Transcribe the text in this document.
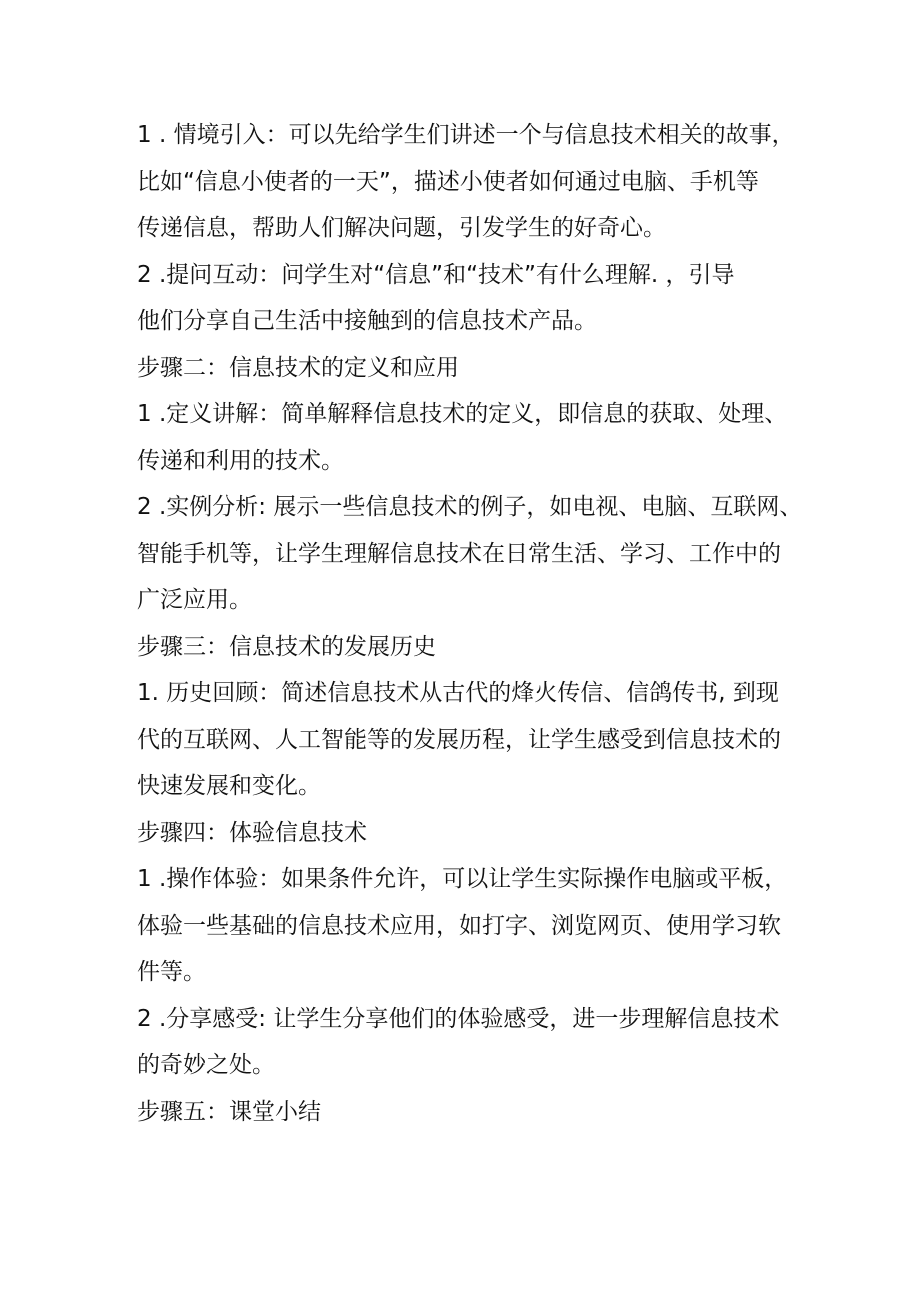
1 . 情境引入：可以先给学生们讲述一个与信息技术相关的故事，
比如“信息小使者的一天”，描述小使者如何通过电脑、手机等
传递信息，帮助人们解决问题，引发学生的好奇心。
2 .提问互动：问学生对“信息”和“技术”有什么理解. ，引导
他们分享自己生活中接触到的信息技术产品。
步骤二：信息技术的定义和应用
1 .定义讲解：简单解释信息技术的定义，即信息的获取、处理、
传递和利用的技术。
2 .实例分析: 展示一些信息技术的例子，如电视、电脑、互联网、
智能手机等，让学生理解信息技术在日常生活、学习、工作中的
广泛应用。
步骤三：信息技术的发展历史
1. 历史回顾：简述信息技术从古代的烽火传信、信鸽传书, 到现
代的互联网、人工智能等的发展历程，让学生感受到信息技术的
快速发展和变化。
步骤四：体验信息技术
1 .操作体验：如果条件允许，可以让学生实际操作电脑或平板，
体验一些基础的信息技术应用，如打字、浏览网页、使用学习软
件等。
2 .分享感受: 让学生分享他们的体验感受，进一步理解信息技术
的奇妙之处。
步骤五：课堂小结
